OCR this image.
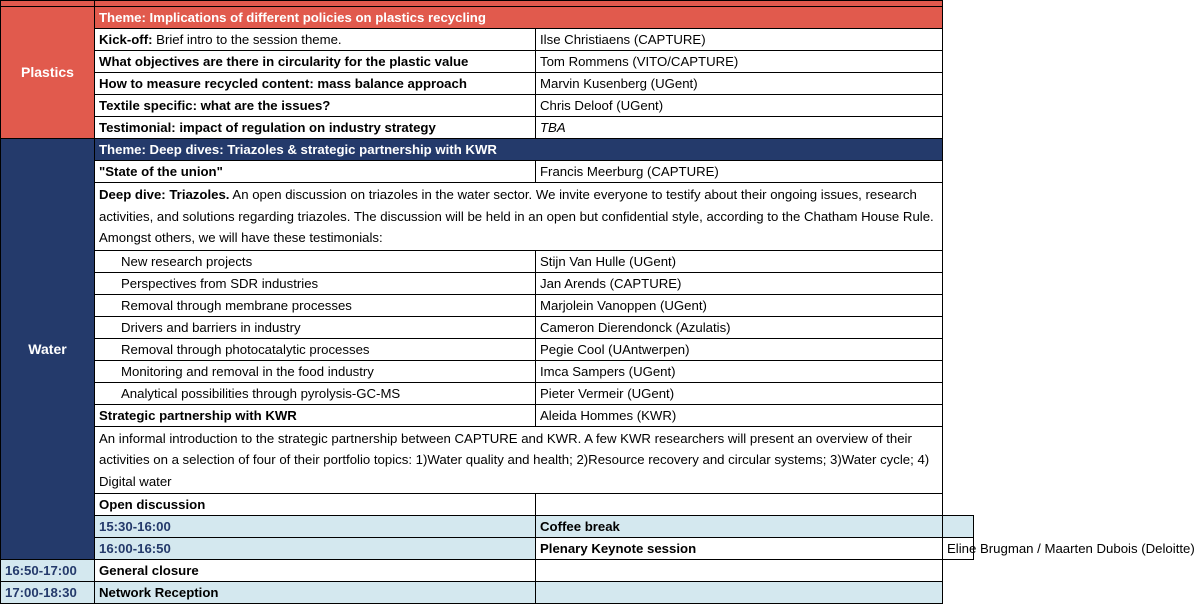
Plastics	Theme: Implications of different policies on plastics recycling		
	Kick-off: Brief intro to the session theme.	Ilse Christiaens (CAPTURE)	
	What objectives are there in circularity for the plastic value	Tom Rommens (VITO/CAPTURE)	
	How to measure recycled content: mass balance approach	Marvin Kusenberg (UGent)	
	Textile specific: what are the issues?	Chris Deloof (UGent)	
	Testimonial: impact of regulation on industry strategy	TBA	
Water	Theme: Deep dives: Triazoles & strategic partnership with KWR		
	"State of the union"	Francis Meerburg (CAPTURE)	
	Deep dive: Triazoles. An open discussion on triazoles in the water sector. We invite everyone to testify about their ongoing issues, research activities, and solutions regarding triazoles. The discussion will be held in an open but confidential style, according to the Chatham House Rule. Amongst others, we will have these testimonials:		
	New research projects	Stijn Van Hulle (UGent)	
	Perspectives from SDR industries	Jan Arends (CAPTURE)	
	Removal through membrane processes	Marjolein Vanoppen (UGent)	
	Drivers and barriers in industry	Cameron Dierendonck (Azulatis)	
	Removal through photocatalytic processes	Pegie Cool (UAntwerpen)	
	Monitoring and removal in the food industry	Imca Sampers (UGent)	
	Analytical possibilities through pyrolysis-GC-MS	Pieter Vermeir (UGent)	
	Strategic partnership with KWR	Aleida Hommes (KWR)	
	An informal introduction to the strategic partnership between CAPTURE and KWR. A few KWR researchers will present an overview of their activities on a selection of four of their portfolio topics: 1)Water quality and health; 2)Resource recovery and circular systems; 3)Water cycle; 4) Digital water		
	Open discussion		
	15:30-16:00	Coffee break	
	16:00-16:50	Plenary Keynote session	Eline Brugman / Maarten Dubois (Deloitte)
16:50-17:00	General closure		
17:00-18:30	Network Reception		
